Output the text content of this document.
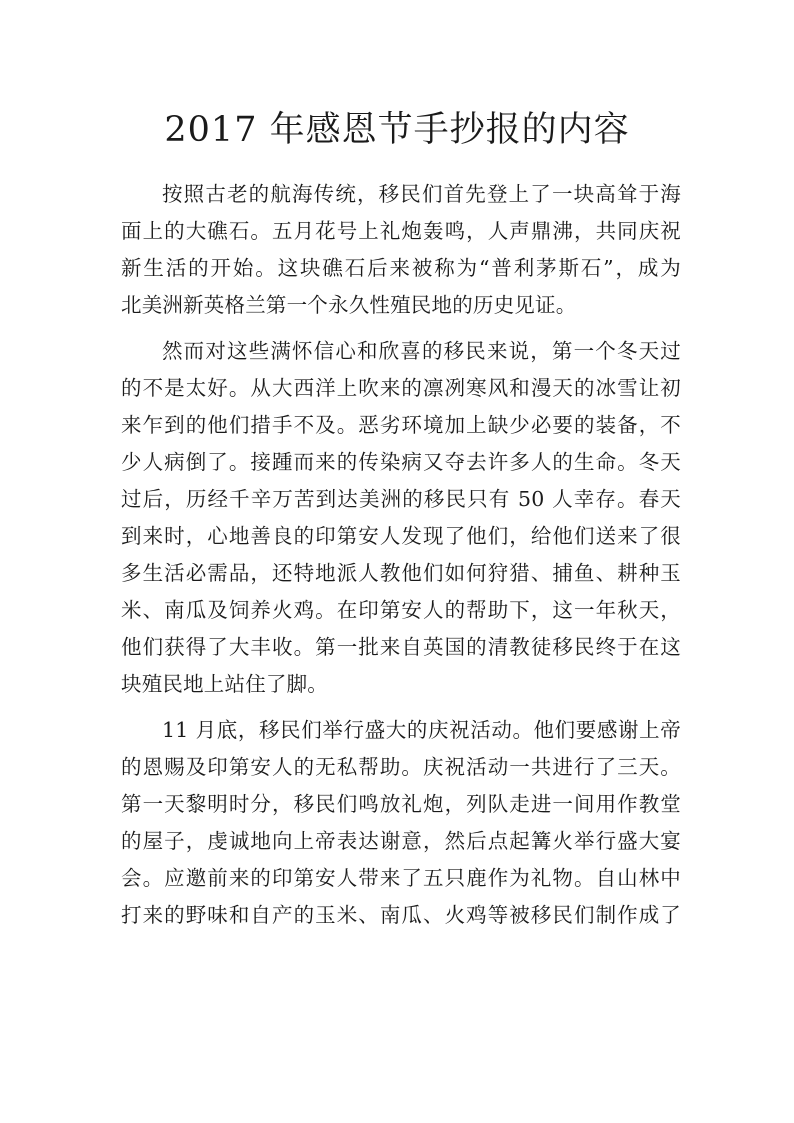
2017 年感恩节手抄报的内容

按照古老的航海传统，移民们首先登上了一块高耸于海
面上的大礁石。五月花号上礼炮轰鸣，人声鼎沸，共同庆祝
新生活的开始。这块礁石后来被称为“普利茅斯石”，成为
北美洲新英格兰第一个永久性殖民地的历史见证。

然而对这些满怀信心和欣喜的移民来说，第一个冬天过
的不是太好。从大西洋上吹来的凛冽寒风和漫天的冰雪让初
来乍到的他们措手不及。恶劣环境加上缺少必要的装备，不
少人病倒了。接踵而来的传染病又夺去许多人的生命。冬天
过后，历经千辛万苦到达美洲的移民只有 50 人幸存。春天
到来时，心地善良的印第安人发现了他们，给他们送来了很
多生活必需品，还特地派人教他们如何狩猎、捕鱼、耕种玉
米、南瓜及饲养火鸡。在印第安人的帮助下，这一年秋天，
他们获得了大丰收。第一批来自英国的清教徒移民终于在这
块殖民地上站住了脚。

11 月底，移民们举行盛大的庆祝活动。他们要感谢上帝
的恩赐及印第安人的无私帮助。庆祝活动一共进行了三天。
第一天黎明时分，移民们鸣放礼炮，列队走进一间用作教堂
的屋子，虔诚地向上帝表达谢意，然后点起篝火举行盛大宴
会。应邀前来的印第安人带来了五只鹿作为礼物。自山林中
打来的野味和自产的玉米、南瓜、火鸡等被移民们制作成了
